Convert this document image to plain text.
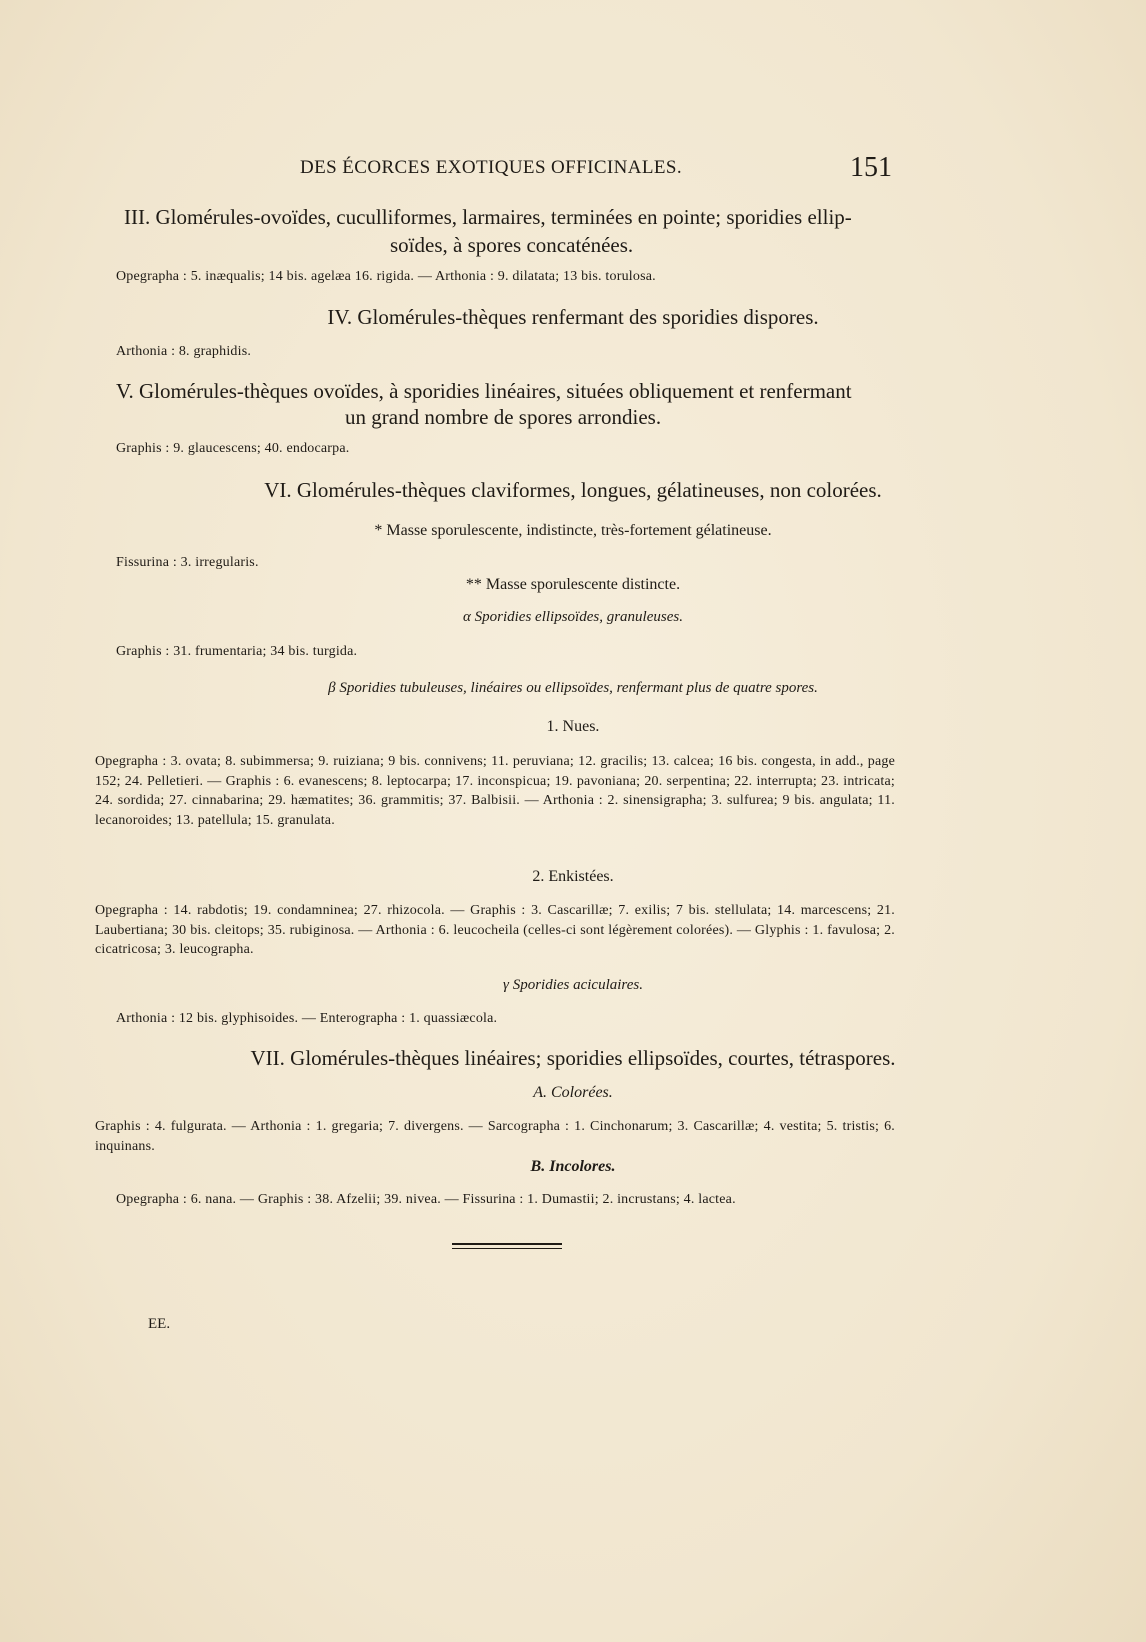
DES ÉCORCES EXOTIQUES OFFICINALES.	151
III. Glomérules-ovoïdes, cuculliformes, larmaires, terminées en pointe; sporidies ellip-
soïdes, à spores concaténées.
Opegrapha : 5. inæqualis; 14 bis. agelæa 16. rigida. — Arthonia : 9. dilatata; 13 bis. torulosa.
IV. Glomérules-thèques renfermant des sporidies dispores.
Arthonia : 8. graphidis.
V. Glomérules-thèques ovoïdes, à sporidies linéaires, situées obliquement et renfermant
un grand nombre de spores arrondies.
Graphis : 9. glaucescens; 40. endocarpa.
VI. Glomérules-thèques claviformes, longues, gélatineuses, non colorées.
* Masse sporulescente, indistincte, très-fortement gélatineuse.
Fissurina : 3. irregularis.
** Masse sporulescente distincte.
α Sporidies ellipsoïdes, granuleuses.
Graphis : 31. frumentaria; 34 bis. turgida.
β Sporidies tubuleuses, linéaires ou ellipsoïdes, renfermant plus de quatre spores.
1. Nues.
Opegrapha : 3. ovata; 8. subimmersa; 9. ruiziana; 9 bis. connivens; 11. peruviana; 12. gracilis; 13. calcea; 16 bis. congesta, in add., page 152; 24. Pelletieri. — Graphis : 6. evanescens; 8. leptocarpa; 17. inconspicua; 19. pavoniana; 20. serpentina; 22. interrupta; 23. intricata; 24. sordida; 27. cinnabarina; 29. hæmatites; 36. grammitis; 37. Balbisii. — Arthonia : 2. sinensigrapha; 3. sulfurea; 9 bis. angulata; 11. lecanoroides; 13. patellula; 15. granulata.
2. Enkistées.
Opegrapha : 14. rabdotis; 19. condamninea; 27. rhizocola. — Graphis : 3. Cascarillæ; 7. exilis; 7 bis. stellulata; 14. marcescens; 21. Laubertiana; 30 bis. cleitops; 35. rubiginosa. — Arthonia : 6. leucocheila (celles-ci sont légèrement colorées). — Glyphis : 1. favulosa; 2. cicatricosa; 3. leucographa.
γ Sporidies aciculaires.
Arthonia : 12 bis. glyphisoides. — Enterographa : 1. quassiæcola.
VII. Glomérules-thèques linéaires; sporidies ellipsoïdes, courtes, tétraspores.
A. Colorées.
Graphis : 4. fulgurata. — Arthonia : 1. gregaria; 7. divergens. — Sarcographa : 1. Cinchonarum; 3. Cascarillæ; 4. vestita; 5. tristis; 6. inquinans.
B. Incolores.
Opegrapha : 6. nana. — Graphis : 38. Afzelii; 39. nivea. — Fissurina : 1. Dumastii; 2. incrustans; 4. lactea.
EE.
